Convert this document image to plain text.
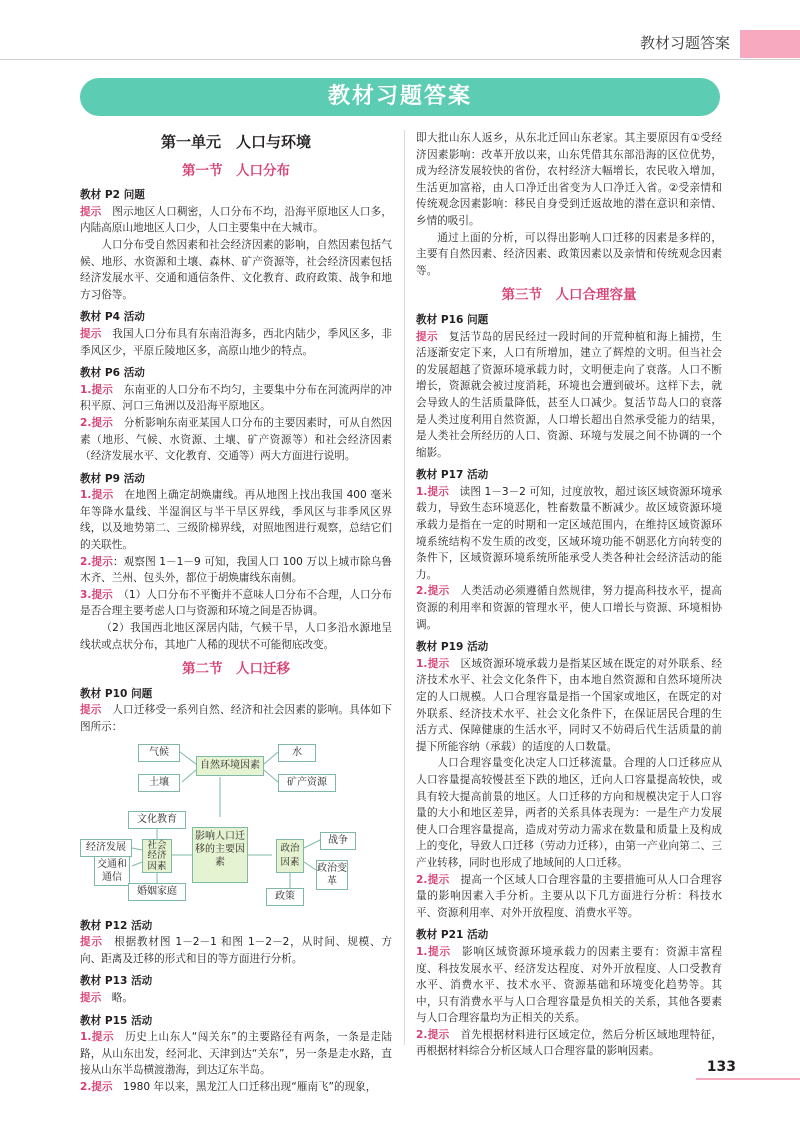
教材习题答案
教材习题答案
第一单元　人口与环境
第一节　人口分布
教材 P2 问题

提示　图示地区人口稠密，人口分布不均，沿海平原地区人口多，内陆高原山地地区人口少，人口主要集中在大城市。

人口分布受自然因素和社会经济因素的影响，自然因素包括气候、地形、水资源和土壤、森林、矿产资源等，社会经济因素包括经济发展水平、交通和通信条件、文化教育、政府政策、战争和地方习俗等。

教材 P4 活动

提示　我国人口分布具有东南沿海多，西北内陆少，季风区多，非季风区少，平原丘陵地区多，高原山地少的特点。

教材 P6 活动

1.提示　东南亚的人口分布不均匀，主要集中分布在河流两岸的冲积平原、河口三角洲以及沿海平原地区。

2.提示　分析影响东南亚某国人口分布的主要因素时，可从自然因素（地形、气候、水资源、土壤、矿产资源等）和社会经济因素（经济发展水平、文化教育、交通等）两大方面进行说明。

教材 P9 活动

1.提示　在地图上确定胡焕庸线。再从地图上找出我国 400 毫米年等降水量线、半湿润区与半干旱区界线，季风区与非季风区界线，以及地势第二、三级阶梯界线，对照地图进行观察，总结它们的关联性。

2.提示：观察图 1－1－9 可知，我国人口 100 万以上城市除乌鲁木齐、兰州、包头外，都位于胡焕庸线东南侧。

3.提示　（1）人口分布不平衡并不意味人口分布不合理，人口分布是否合理主要考虑人口与资源和环境之间是否协调。

（2）我国西北地区深居内陆，气候干旱，人口多沿水源地呈线状或点状分布，其地广人稀的现状不可能彻底改变。

第二节　人口迁移
教材 P10 问题

提示　人口迁移受一系列自然、经济和社会因素的影响。具体如下图所示：

气候
土壤
自然环境因素
水
矿产资源
文化教育
经济发展	社会经济因素
影响人口迁移的主要因素
政治因素
战争
政治变革
交通和通信
婚姻家庭	政策
教材 P12 活动

提示　根据教材图 1－2－1 和图 1－2－2，从时间、规模、方向、距离及迁移的形式和目的等方面进行分析。

教材 P13 活动

提示　略。

教材 P15 活动

1.提示　历史上山东人“闯关东”的主要路径有两条，一条是走陆路，从山东出发，经河北、天津到达“关东”，另一条是走水路，直接从山东半岛横渡渤海，到达辽东半岛。

2.提示　1980 年以来，黑龙江人口迁移出现“雁南飞”的现象，

即大批山东人返乡，从东北迁回山东老家。其主要原因有①受经济因素影响：改革开放以来，山东凭借其东部沿海的区位优势，成为经济发展较快的省份，农村经济大幅增长，农民收入增加，生活更加富裕，由人口净迁出省变为人口净迁入省。②受亲情和传统观念因素影响：移民自身受到迁返故地的潜在意识和亲情、乡情的吸引。

通过上面的分析，可以得出影响人口迁移的因素是多样的，主要有自然因素、经济因素、政策因素以及亲情和传统观念因素等。

第三节　人口合理容量
教材 P16 问题

提示　复活节岛的居民经过一段时间的开荒种植和海上捕捞，生活逐渐安定下来，人口有所增加，建立了辉煌的文明。但当社会的发展超越了资源环境承载力时，文明便走向了衰落。人口不断增长，资源就会被过度消耗，环境也会遭到破坏。这样下去，就会导致人的生活质量降低，甚至人口减少。复活节岛人口的衰落是人类过度利用自然资源，人口增长超出自然承受能力的结果，是人类社会所经历的人口、资源、环境与发展之间不协调的一个缩影。

教材 P17 活动

1.提示　读图 1－3－2 可知，过度放牧，超过该区域资源环境承载力，导致生态环境恶化，牲畜数量不断减少。故区域资源环境承载力是指在一定的时期和一定区域范围内，在维持区域资源环境系统结构不发生质的改变，区域环境功能不朝恶化方向转变的条件下，区域资源环境系统所能承受人类各种社会经济活动的能力。

2.提示　人类活动必须遵循自然规律，努力提高科技水平，提高资源的利用率和资源的管理水平，使人口增长与资源、环境相协调。

教材 P19 活动

1.提示　区域资源环境承载力是指某区域在既定的对外联系、经济技术水平、社会文化条件下，由本地自然资源和自然环境所决定的人口规模。人口合理容量是指一个国家或地区，在既定的对外联系、经济技术水平、社会文化条件下，在保证居民合理的生活方式、保障健康的生活水平，同时又不妨碍后代生活质量的前提下所能容纳（承载）的适度的人口数量。

人口合理容量变化决定人口迁移流量。合理的人口迁移应从人口容量提高较慢甚至下跌的地区，迁向人口容量提高较快，或具有较大提高前景的地区。人口迁移的方向和规模决定于人口容量的大小和地区差异，两者的关系具体表现为：一是生产力发展使人口合理容量提高，造成对劳动力需求在数量和质量上及构成上的变化，导致人口迁移（劳动力迁移），由第一产业向第二、三产业转移，同时也形成了地域间的人口迁移。

2.提示　提高一个区域人口合理容量的主要措施可从人口合理容量的影响因素入手分析。主要从以下几方面进行分析：科技水平、资源利用率、对外开放程度、消费水平等。

教材 P21 活动

1.提示　影响区域资源环境承载力的因素主要有：资源丰富程度、科技发展水平、经济发达程度、对外开放程度、人口受教育水平、消费水平、技术水平、资源基础和环境变化趋势等。其中，只有消费水平与人口合理容量是负相关的关系，其他各要素与人口合理容量均为正相关的关系。

2.提示　首先根据材料进行区域定位，然后分析区域地理特征，再根据材料综合分析区域人口合理容量的影响因素。

133
